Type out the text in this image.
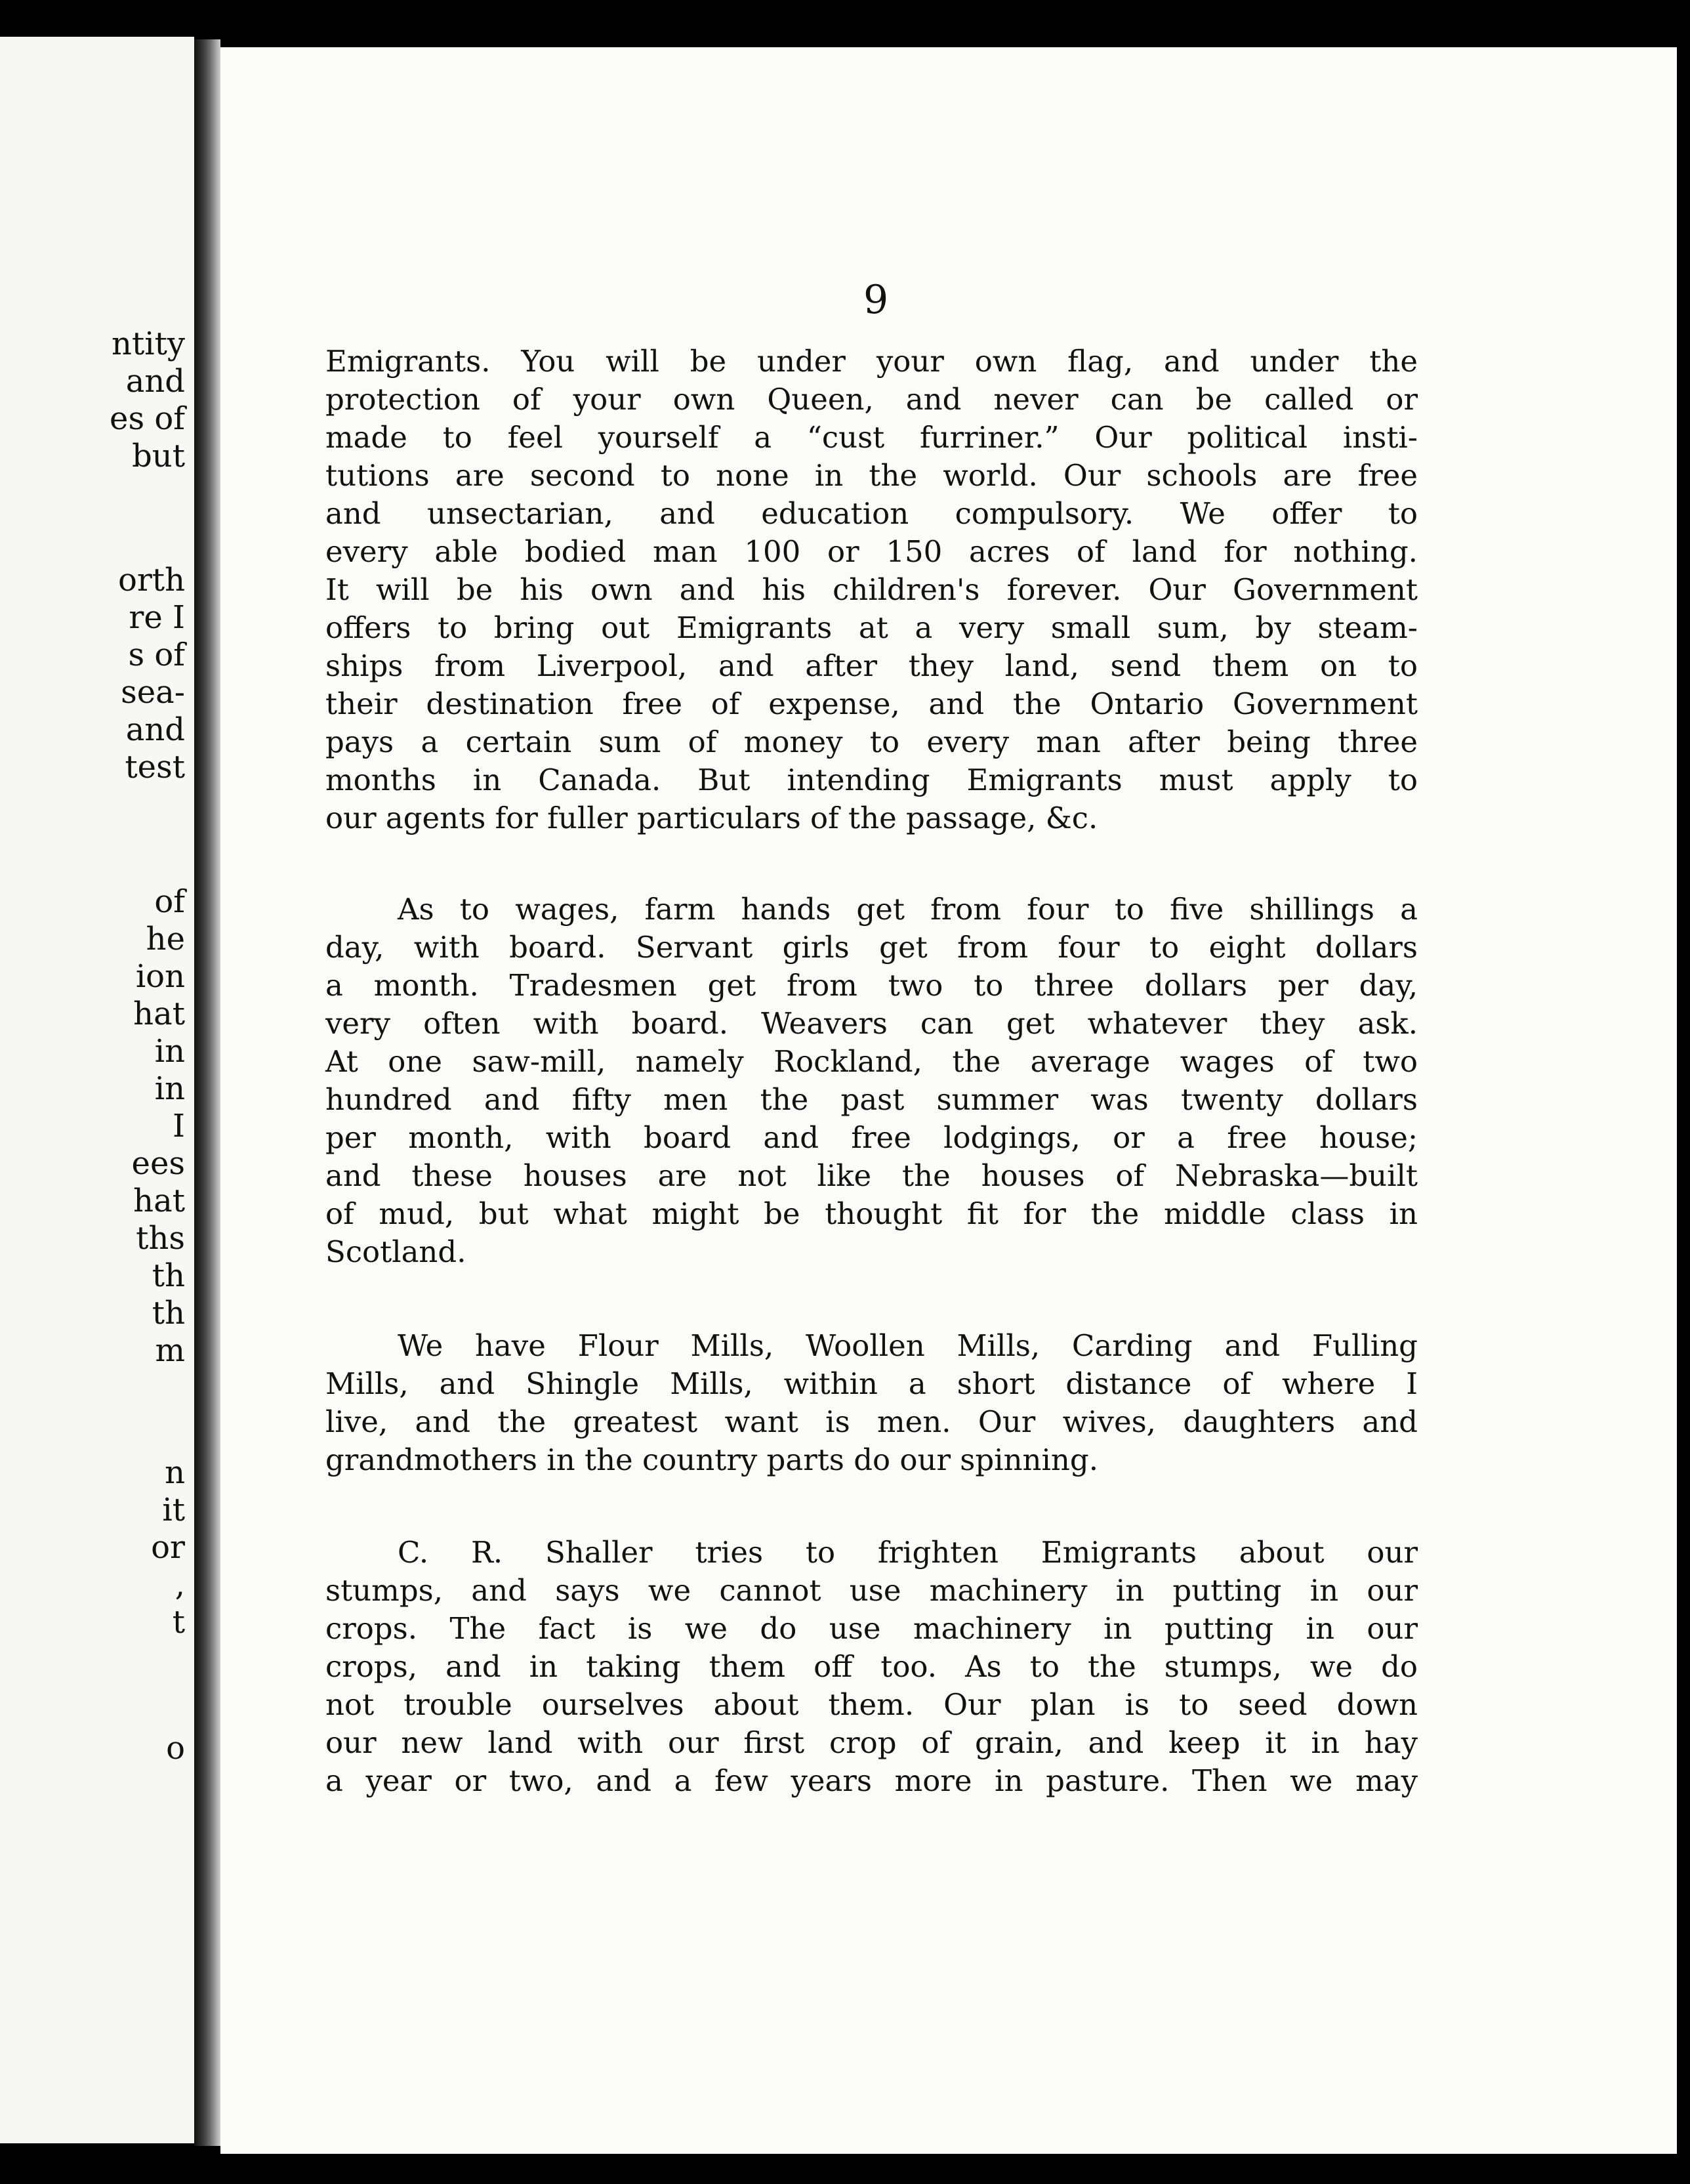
ntity
and
es of
but
orth
re I
s of
sea-
and
test
of
he
ion
hat
in
in
I
ees
hat
ths
th
th
m
n
it
or
,
t
o
9
Emigrants. You will be under your own flag, and under the
protection of your own Queen, and never can be called or
made to feel yourself a “cust furriner.” Our political insti-
tutions are second to none in the world. Our schools are free
and unsectarian, and education compulsory. We offer to
every able bodied man 100 or 150 acres of land for nothing.
It will be his own and his children's forever. Our Government
offers to bring out Emigrants at a very small sum, by steam-
ships from Liverpool, and after they land, send them on to
their destination free of expense, and the Ontario Government
pays a certain sum of money to every man after being three
months in Canada. But intending Emigrants must apply to
our agents for fuller particulars of the passage, &c.
As to wages, farm hands get from four to five shillings a
day, with board. Servant girls get from four to eight dollars
a month. Tradesmen get from two to three dollars per day,
very often with board. Weavers can get whatever they ask.
At one saw-mill, namely Rockland, the average wages of two
hundred and fifty men the past summer was twenty dollars
per month, with board and free lodgings, or a free house;
and these houses are not like the houses of Nebraska—built
of mud, but what might be thought fit for the middle class in
Scotland.
We have Flour Mills, Woollen Mills, Carding and Fulling
Mills, and Shingle Mills, within a short distance of where I
live, and the greatest want is men. Our wives, daughters and
grandmothers in the country parts do our spinning.
C. R. Shaller tries to frighten Emigrants about our
stumps, and says we cannot use machinery in putting in our
crops. The fact is we do use machinery in putting in our
crops, and in taking them off too. As to the stumps, we do
not trouble ourselves about them. Our plan is to seed down
our new land with our first crop of grain, and keep it in hay
a year or two, and a few years more in pasture. Then we may
